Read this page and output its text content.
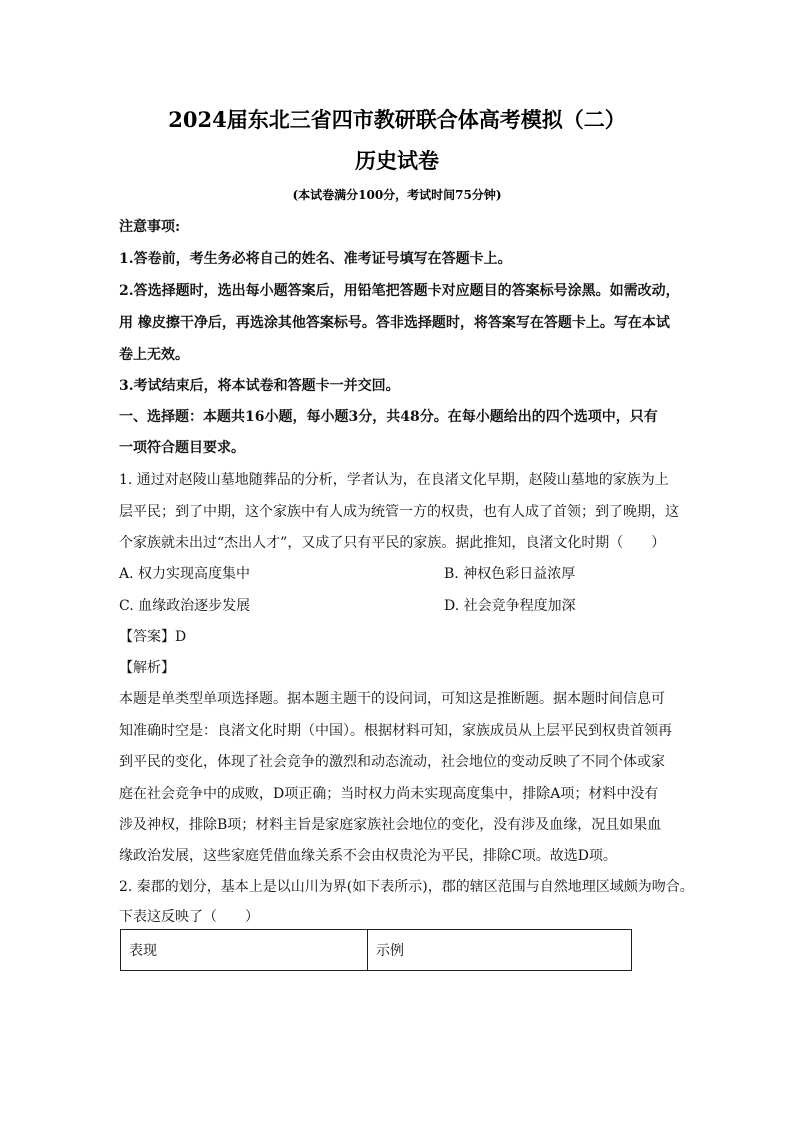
2024届东北三省四市教研联合体高考模拟（二）
历史试卷
(本试卷满分100分，考试时间75分钟)
注意事项:
1.答卷前，考生务必将自己的姓名、准考证号填写在答题卡上。
2.答选择题时，选出每小题答案后，用铅笔把答题卡对应题目的答案标号涂黑。如需改动，
用 橡皮擦干净后，再选涂其他答案标号。答非选择题时，将答案写在答题卡上。写在本试
卷上无效。
3.考试结束后，将本试卷和答题卡一并交回。
一、选择题：本题共16小题，每小题3分，共48分。在每小题给出的四个选项中，只有
一项符合题目要求。
1. 通过对赵陵山墓地随葬品的分析，学者认为，在良渚文化早期，赵陵山墓地的家族为上
层平民；到了中期，这个家族中有人成为统管一方的权贵，也有人成了首领；到了晚期，这
个家族就未出过“杰出人才”，又成了只有平民的家族。据此推知，良渚文化时期（　　）
A. 权力实现高度集中	B. 神权色彩日益浓厚
C. 血缘政治逐步发展	D. 社会竞争程度加深
【答案】D
【解析】
本题是单类型单项选择题。据本题主题干的设问词，可知这是推断题。据本题时间信息可
知准确时空是：良渚文化时期（中国）。根据材料可知，家族成员从上层平民到权贵首领再
到平民的变化，体现了社会竞争的激烈和动态流动，社会地位的变动反映了不同个体或家
庭在社会竞争中的成败，D项正确；当时权力尚未实现高度集中，排除A项；材料中没有
涉及神权，排除B项；材料主旨是家庭家族社会地位的变化，没有涉及血缘，况且如果血
缘政治发展，这些家庭凭借血缘关系不会由权贵沦为平民，排除C项。故选D项。
2. 秦郡的划分，基本上是以山川为界(如下表所示)，郡的辖区范围与自然地理区域颇为吻合。
下表这反映了（　　）
表现	示例
